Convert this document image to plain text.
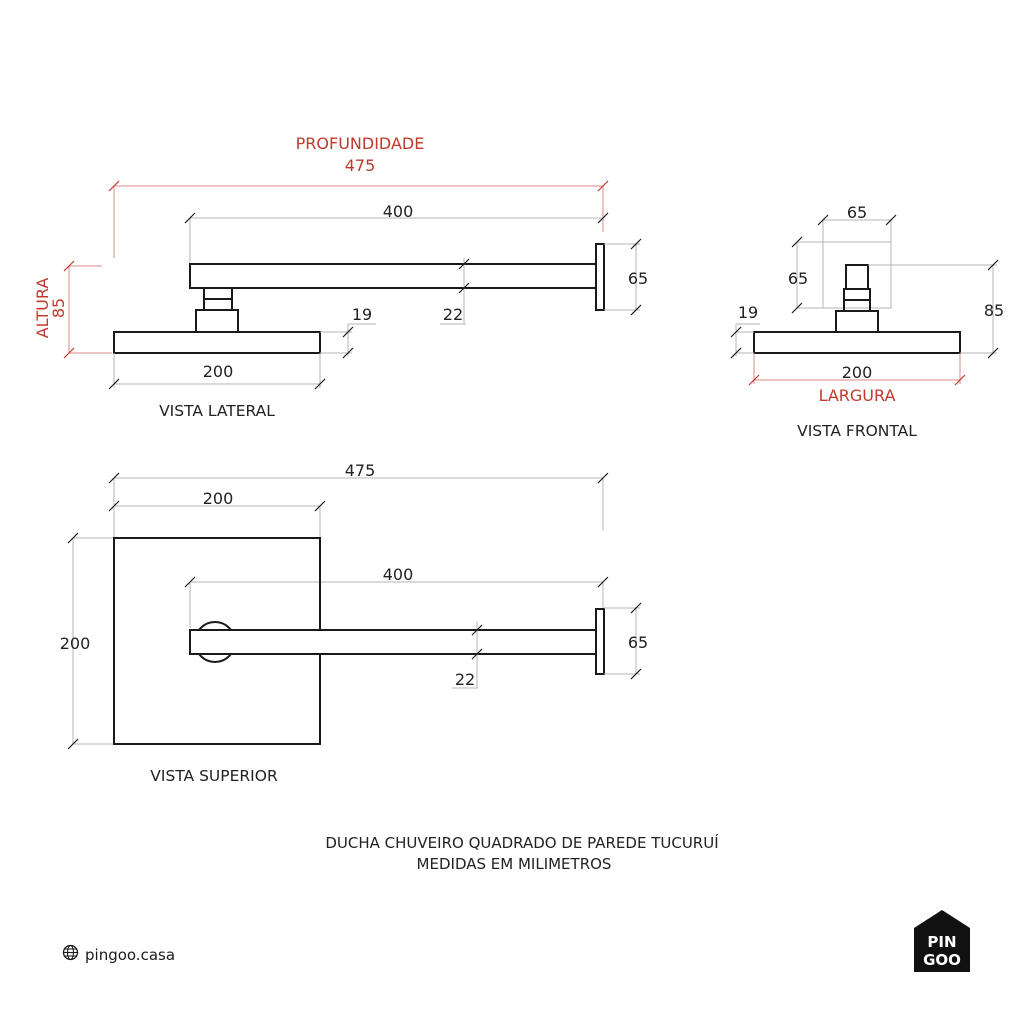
PROFUNDIDADE
475
400
ALTURA
85	19	22
65
200
VISTA LATERAL
65
65
19	85
200
LARGURA
VISTA FRONTAL
475
200
400
200	65
22
VISTA SUPERIOR
DUCHA CHUVEIRO QUADRADO DE PAREDE TUCURUÍ
MEDIDAS EM MILIMETROS
pingoo.casa
PIN
GOO
